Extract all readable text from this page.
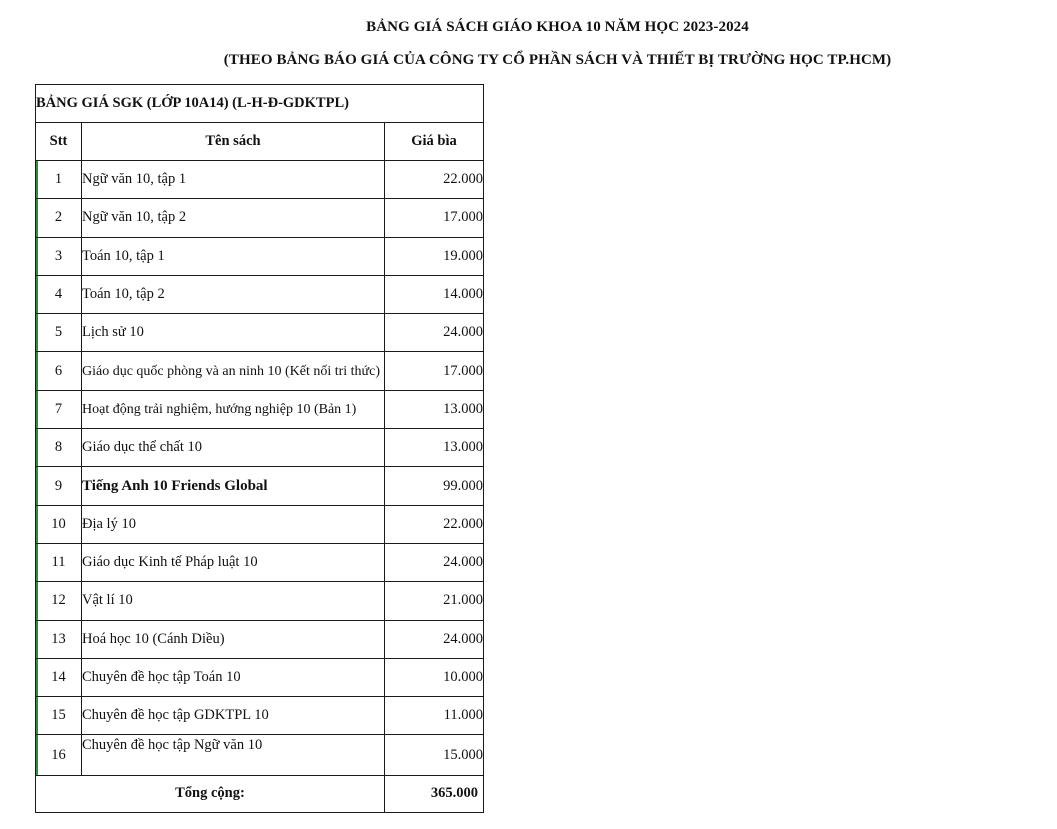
BẢNG GIÁ SÁCH GIÁO KHOA 10 NĂM HỌC 2023-2024
(THEO BẢNG BÁO GIÁ CỦA CÔNG TY CỔ PHẦN SÁCH VÀ THIẾT BỊ TRƯỜNG HỌC TP.HCM)
BẢNG GIÁ SGK (LỚP 10A14) (L-H-Đ-GDKTPL)		
Stt	Tên sách	Giá bìa
1	Ngữ văn 10, tập 1	22.000
2	Ngữ văn 10, tập 2	17.000
3	Toán 10, tập 1	19.000
4	Toán 10, tập 2	14.000
5	Lịch sử 10	24.000
6	Giáo dục quốc phòng và an ninh 10 (Kết nối tri thức)	17.000
7	Hoạt động trải nghiệm, hướng nghiệp 10 (Bản 1)	13.000
8	Giáo dục thể chất 10	13.000
9	Tiếng Anh 10 Friends Global	99.000
10	Địa lý 10	22.000
11	Giáo dục Kinh tế Pháp luật 10	24.000
12	Vật lí 10	21.000
13	Hoá học 10 (Cánh Diều)	24.000
14	Chuyên đề học tập Toán 10	10.000
15	Chuyên đề học tập GDKTPL 10	11.000
16	Chuyên đề học tập Ngữ văn 10	15.000
Tổng cộng:		365.000
